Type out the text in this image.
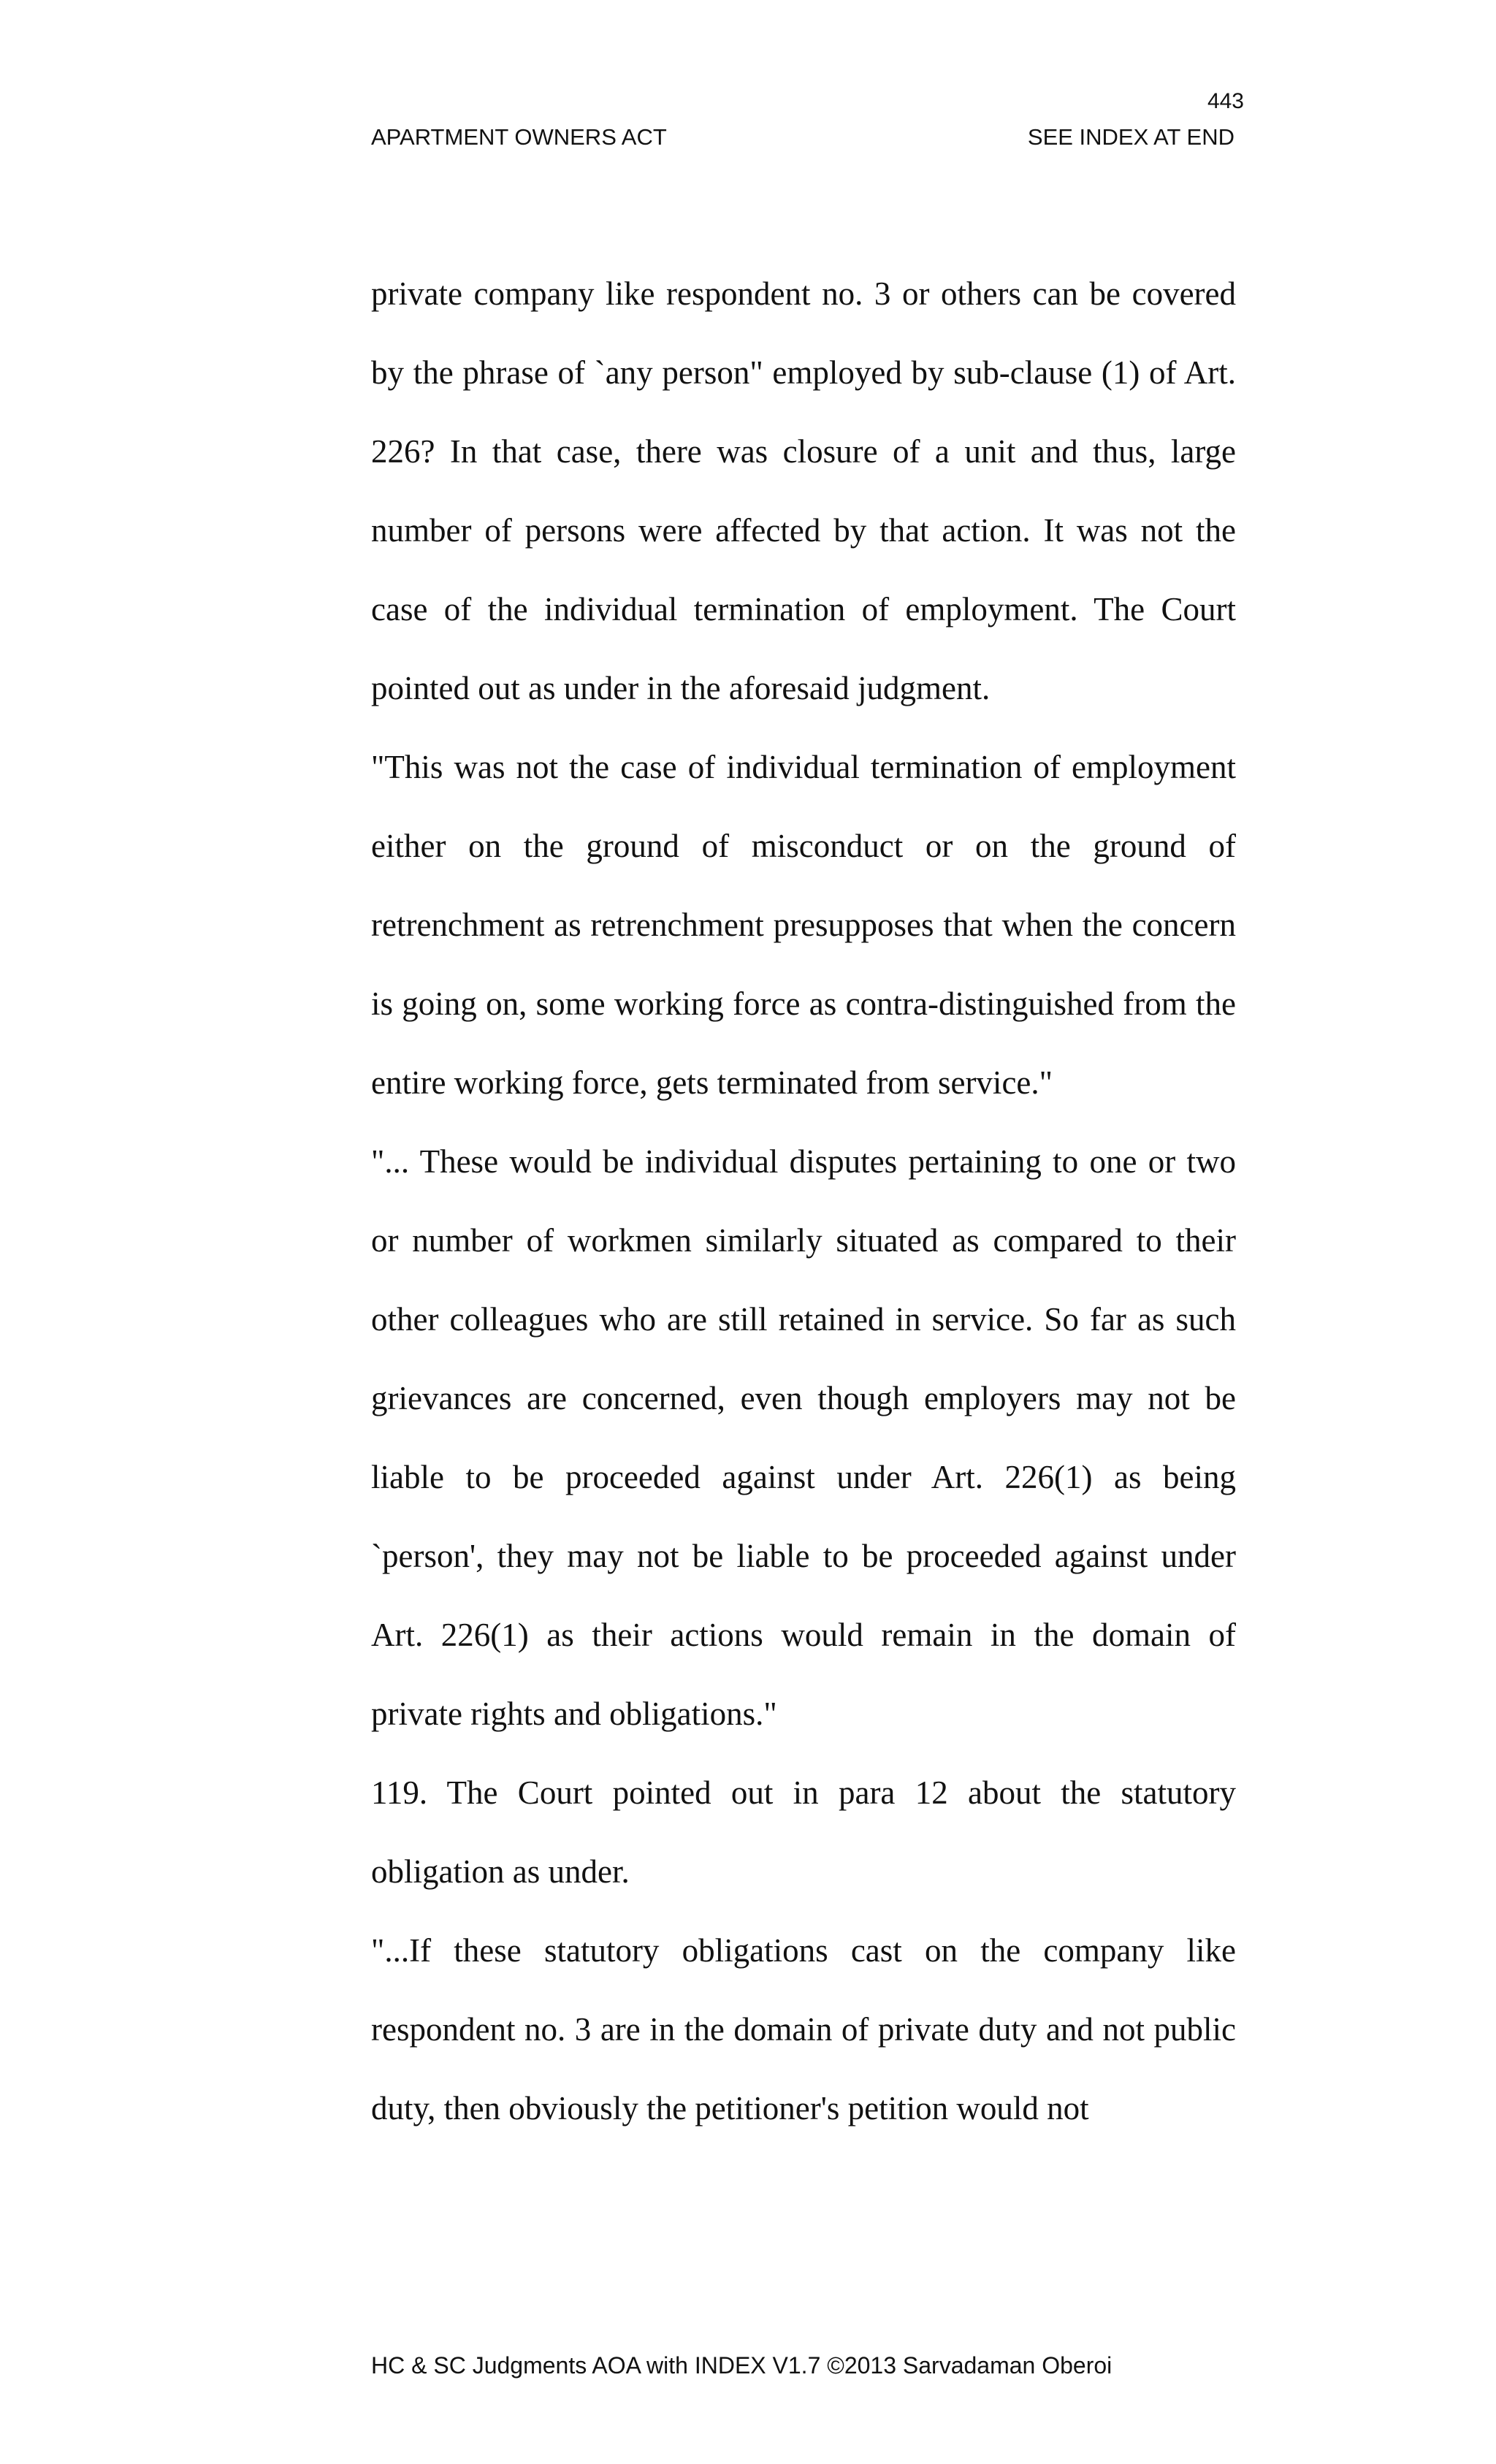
443
APARTMENT OWNERS ACT	SEE INDEX AT END

private company like respondent no. 3 or others can be covered by the phrase of `any person" employed by sub-clause (1) of Art. 226? In that case, there was closure of a unit and thus, large number of persons were affected by that action. It was not the case of the individual termination of employment. The Court pointed out as under in the aforesaid judgment.

"This was not the case of individual termination of employment either on the ground of misconduct or on the ground of retrenchment as retrenchment presupposes that when the concern is going on, some working force as contra-distinguished from the entire working force, gets terminated from service."

"... These would be individual disputes pertaining to one or two or number of workmen similarly situated as compared to their other colleagues who are still retained in service. So far as such grievances are concerned, even though employers may not be liable to be proceeded against under Art. 226(1) as being `person', they may not be liable to be proceeded against under Art. 226(1) as their actions would remain in the domain of private rights and obligations."

119. The Court pointed out in para 12 about the statutory obligation as under.

"...If these statutory obligations cast on the company like respondent no. 3 are in the domain of private duty and not public duty, then obviously the petitioner's petition would not

HC & SC Judgments AOA with INDEX V1.7 ©2013 Sarvadaman Oberoi
